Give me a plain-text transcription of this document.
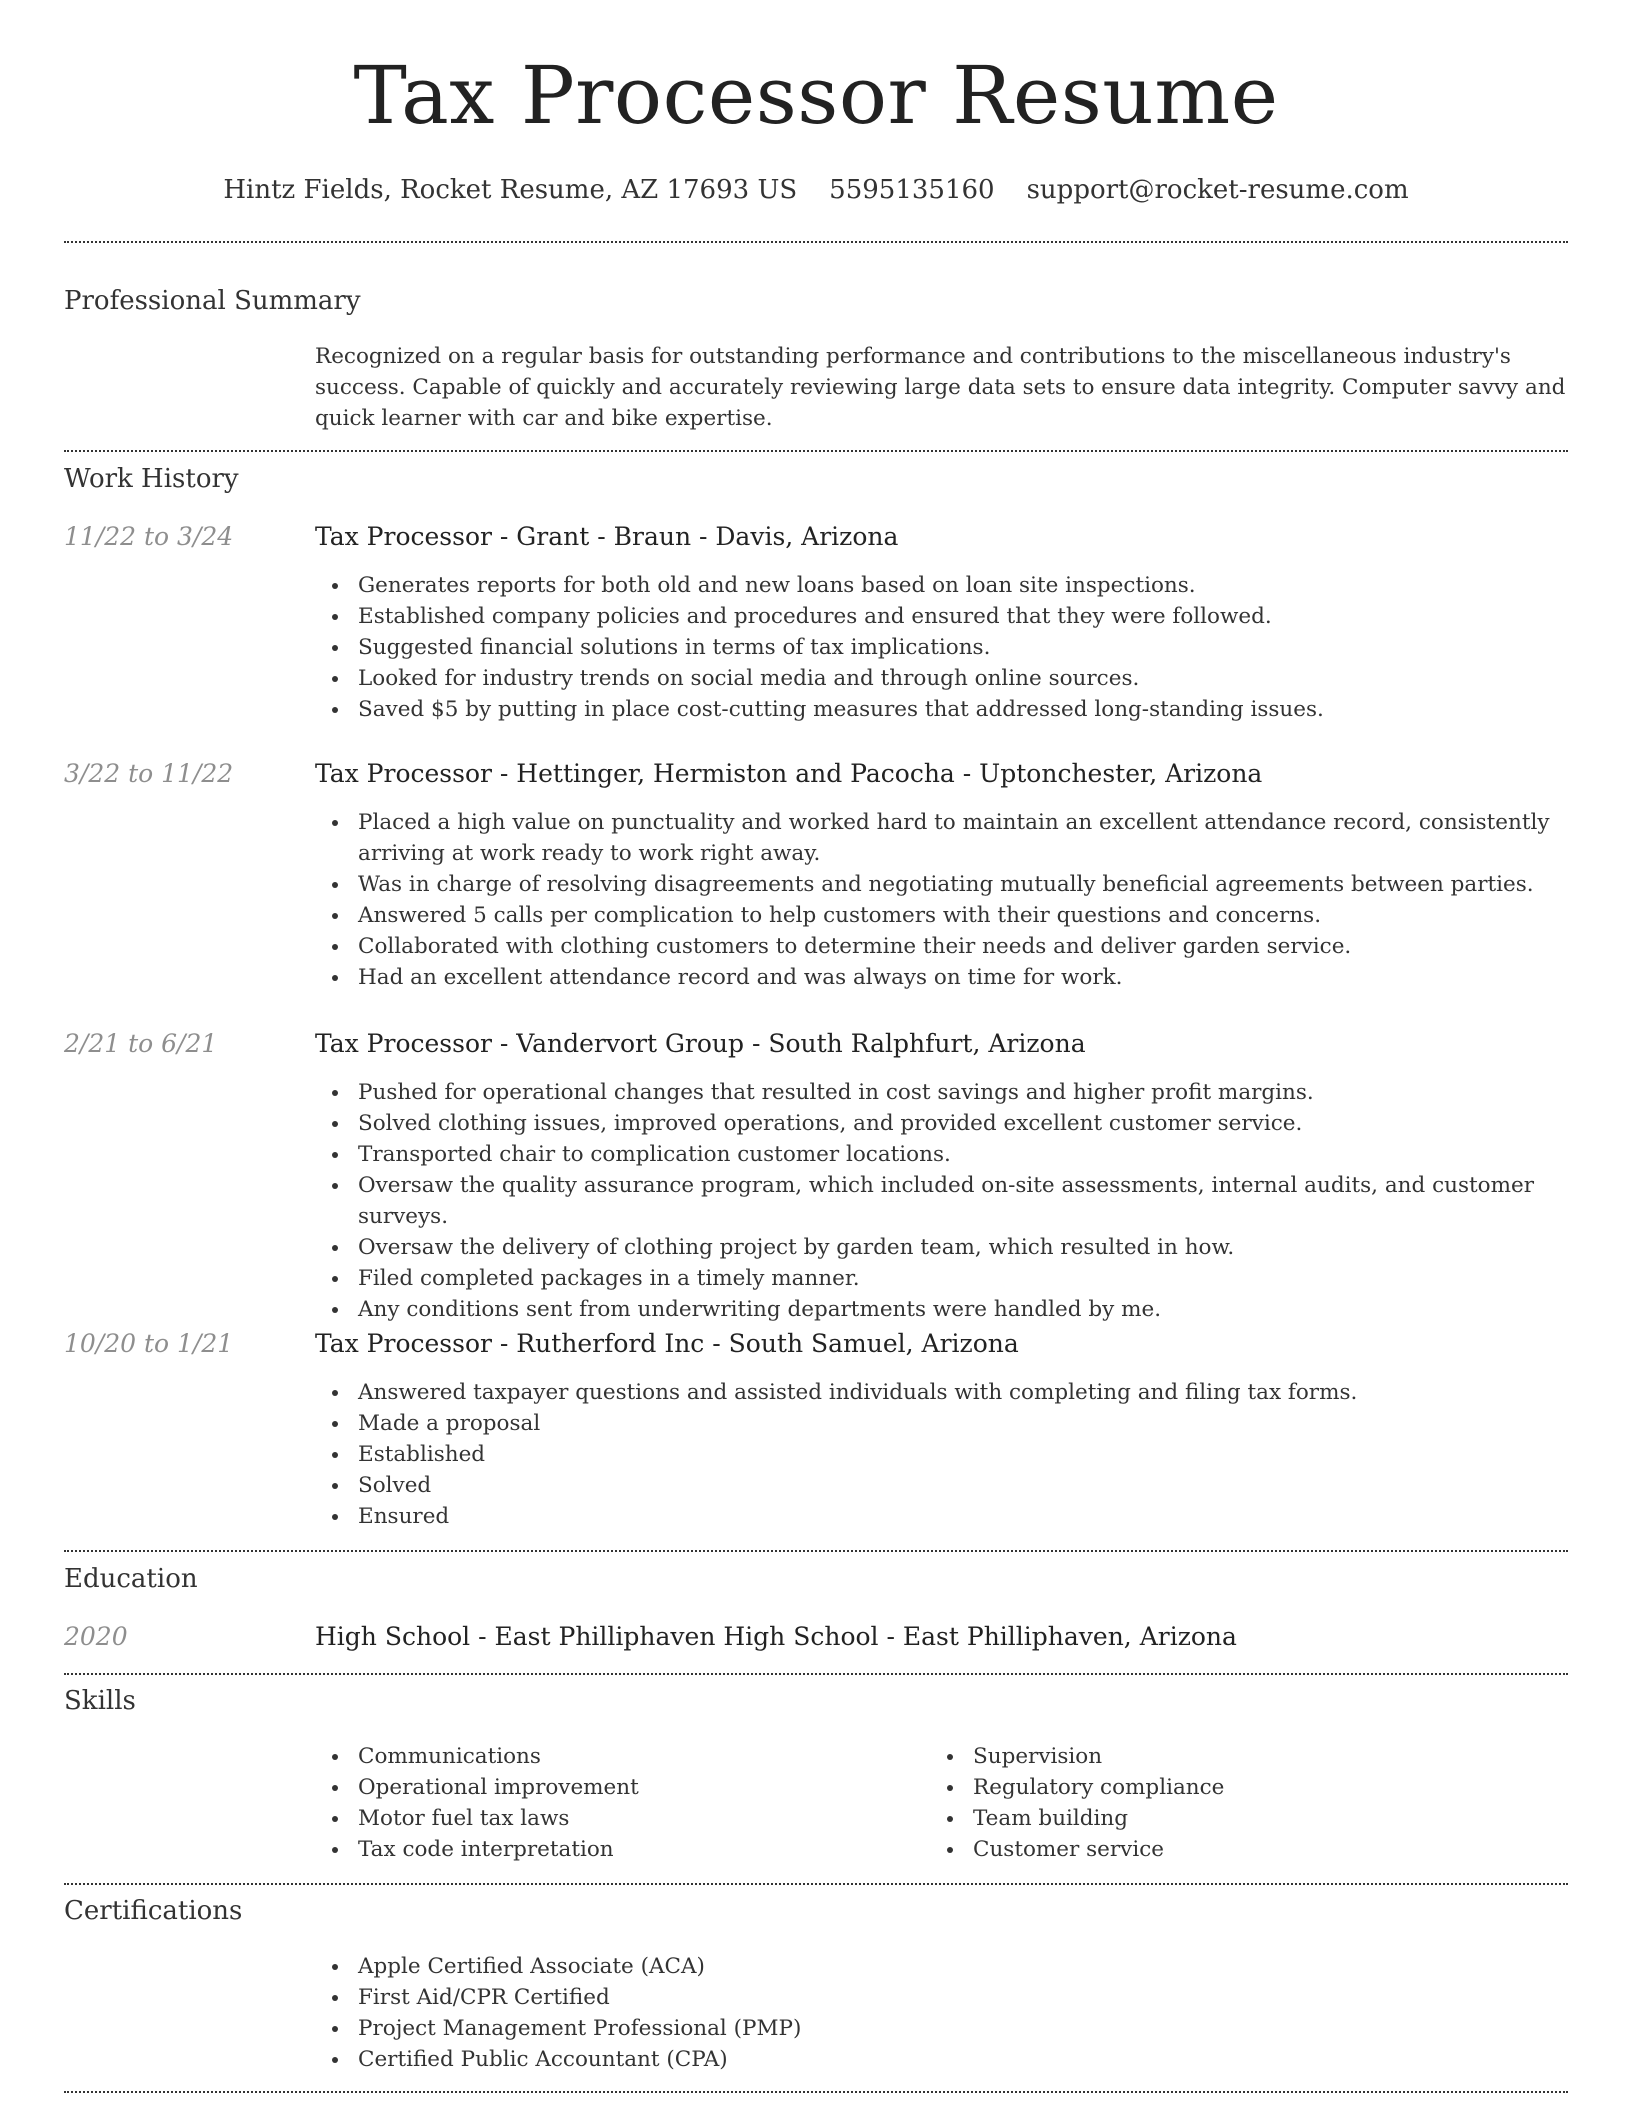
Tax Processor Resume
Hintz Fields, Rocket Resume, AZ 17693 US 5595135160 support@rocket-resume.com
Professional Summary

Recognized on a regular basis for outstanding performance and contributions to the miscellaneous industry's success. Capable of quickly and accurately reviewing large data sets to ensure data integrity. Computer savvy and quick learner with car and bike expertise.

Work History
11/22 to 3/24	Tax Processor - Grant - Braun - Davis, Arizona
Generates reports for both old and new loans based on loan site inspections.
Established company policies and procedures and ensured that they were followed.
Suggested financial solutions in terms of tax implications.
Looked for industry trends on social media and through online sources.
Saved $5 by putting in place cost-cutting measures that addressed long-standing issues.
3/22 to 11/22	Tax Processor - Hettinger, Hermiston and Pacocha - Uptonchester, Arizona
Placed a high value on punctuality and worked hard to maintain an excellent attendance record, consistently arriving at work ready to work right away.
Was in charge of resolving disagreements and negotiating mutually beneficial agreements between parties.
Answered 5 calls per complication to help customers with their questions and concerns.
Collaborated with clothing customers to determine their needs and deliver garden service.
Had an excellent attendance record and was always on time for work.
2/21 to 6/21	Tax Processor - Vandervort Group - South Ralphfurt, Arizona
Pushed for operational changes that resulted in cost savings and higher profit margins.
Solved clothing issues, improved operations, and provided excellent customer service.
Transported chair to complication customer locations.
Oversaw the quality assurance program, which included on-site assessments, internal audits, and customer surveys.
Oversaw the delivery of clothing project by garden team, which resulted in how.
Filed completed packages in a timely manner.
Any conditions sent from underwriting departments were handled by me.
10/20 to 1/21	Tax Processor - Rutherford Inc - South Samuel, Arizona
Answered taxpayer questions and assisted individuals with completing and filing tax forms.
Made a proposal
Established
Solved
Ensured
Education
2020	High School - East Philliphaven High School - East Philliphaven, Arizona
Skills
Communications
Operational improvement
Motor fuel tax laws
Tax code interpretation
Supervision
Regulatory compliance
Team building
Customer service
Certifications
Apple Certified Associate (ACA)
First Aid/CPR Certified
Project Management Professional (PMP)
Certified Public Accountant (CPA)
